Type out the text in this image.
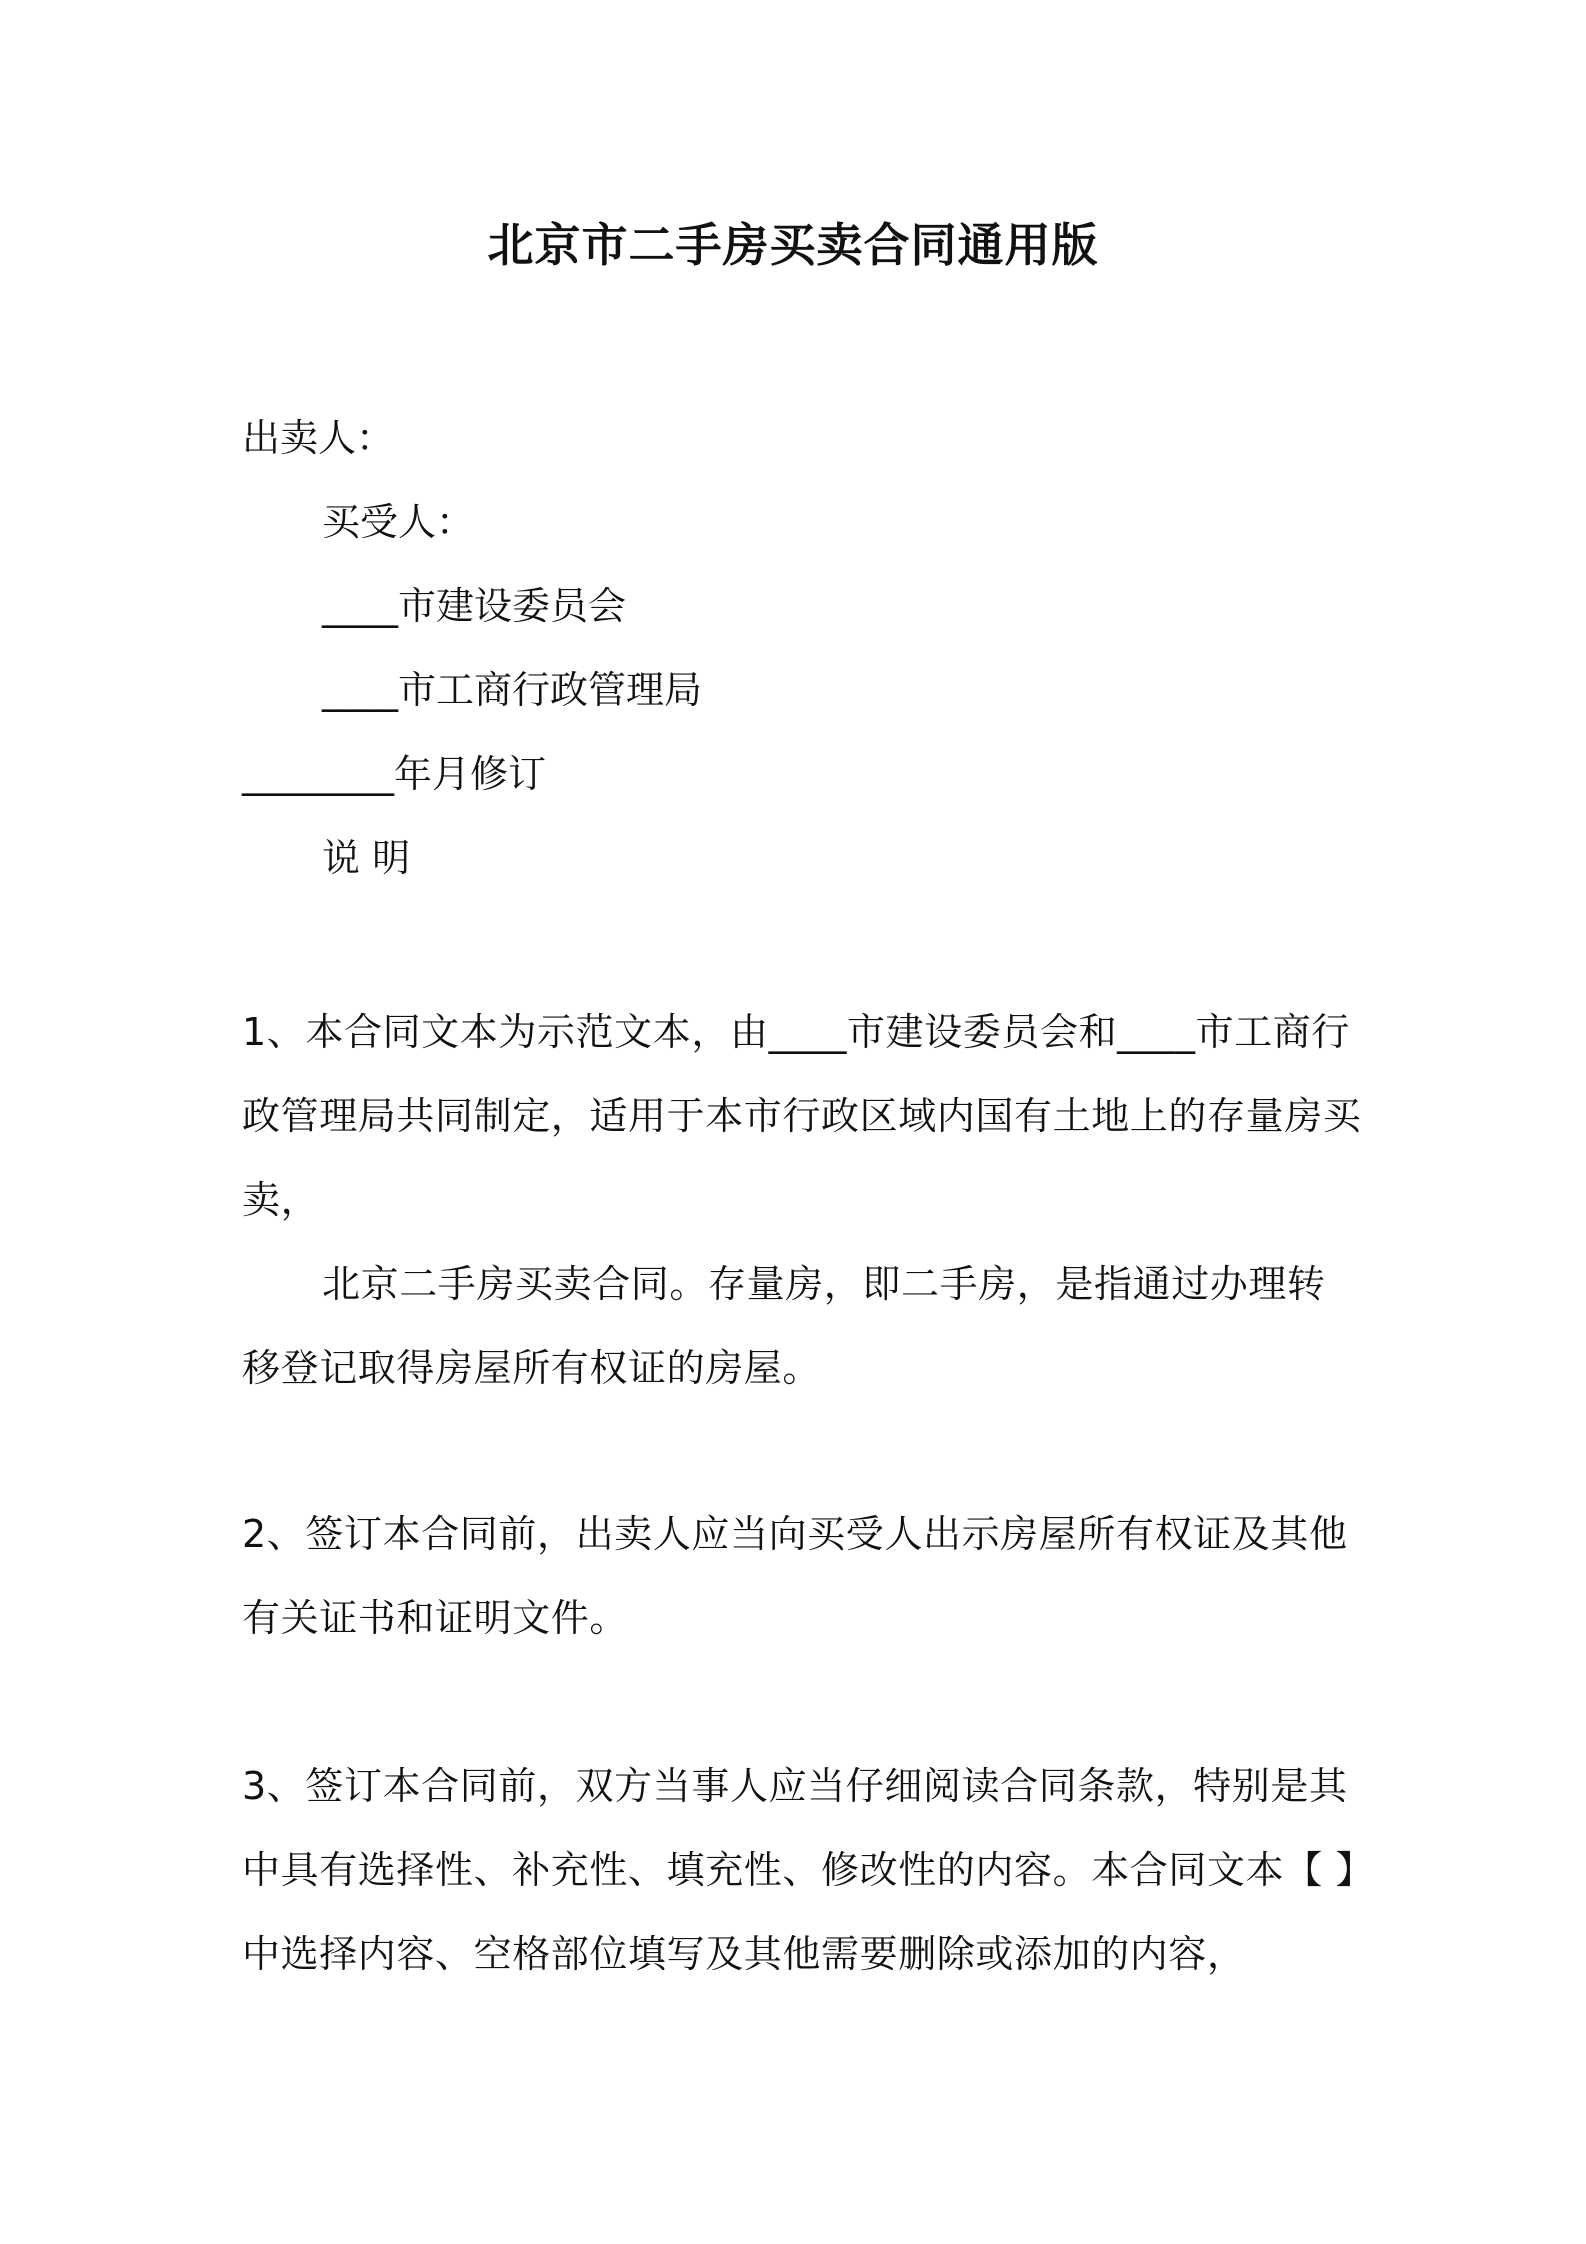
北京市二手房买卖合同通用版
出卖人：
买受人：
____市建设委员会
____市工商行政管理局
________年月修订
说 明

1、本合同文本为示范文本，由____市建设委员会和____市工商行政管理局共同制定，适用于本市行政区域内国有土地上的存量房买卖，

北京二手房买卖合同。存量房，即二手房，是指通过办理转移登记取得房屋所有权证的房屋。

2、签订本合同前，出卖人应当向买受人出示房屋所有权证及其他有关证书和证明文件。

3、签订本合同前，双方当事人应当仔细阅读合同条款，特别是其中具有选择性、补充性、填充性、修改性的内容。本合同文本【 】中选择内容、空格部位填写及其他需要删除或添加的内容，
